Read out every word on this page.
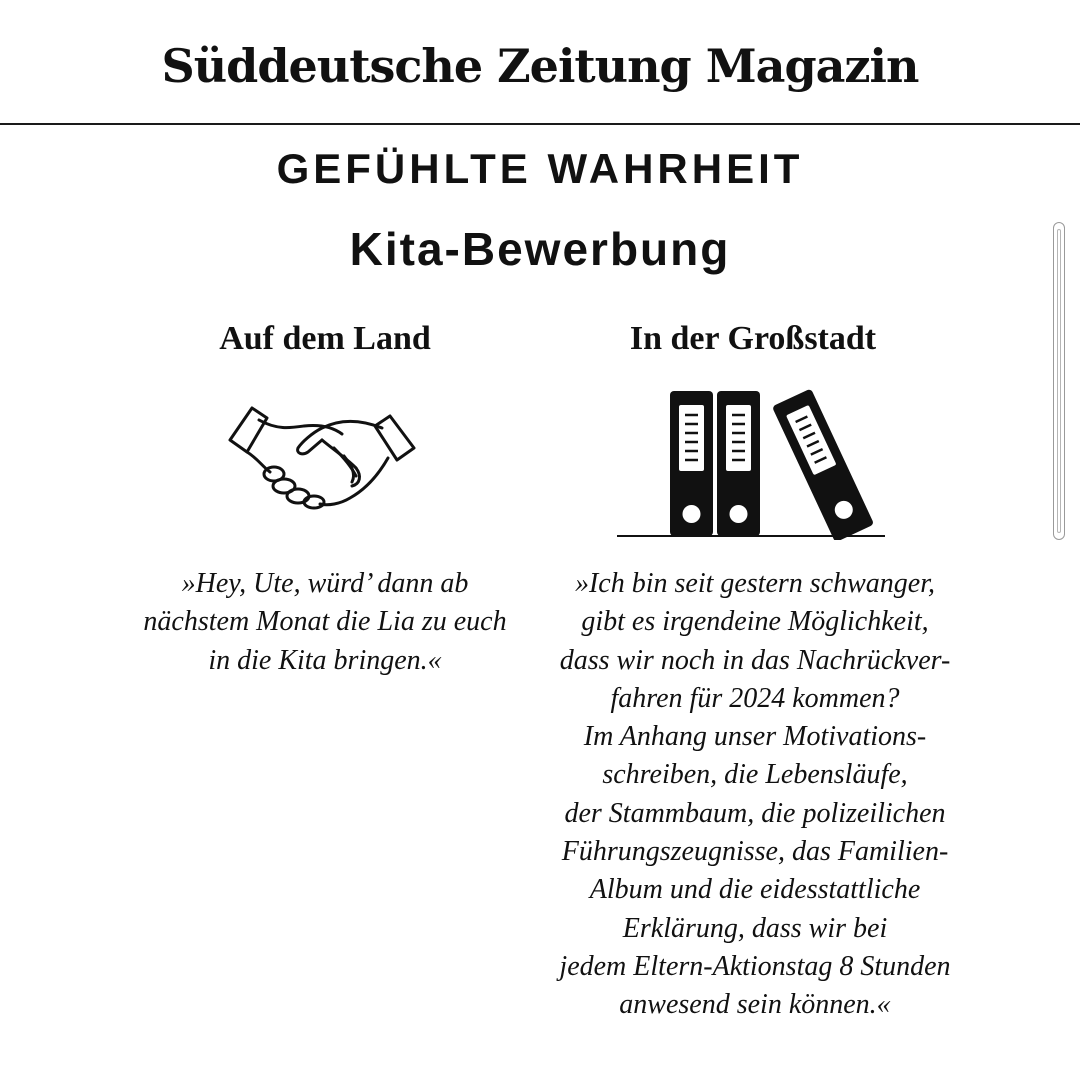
Süddeutsche Zeitung Magazin
GEFÜHLTE WAHRHEIT
Kita-Bewerbung
Auf dem Land	In der Großstadt
»Hey, Ute, würd’ dann ab
nächstem Monat die Lia zu euch
in die Kita bringen.«
»Ich bin seit gestern schwanger,
gibt es irgendeine Möglichkeit,
dass wir noch in das Nachrückver-
fahren für 2024 kommen?
Im Anhang unser Motivations-
schreiben, die Lebensläufe,
der Stammbaum, die polizeilichen
Führungszeugnisse, das Familien-
Album und die eidesstattliche
Erklärung, dass wir bei
jedem Eltern-Aktionstag 8 Stunden
anwesend sein können.«
